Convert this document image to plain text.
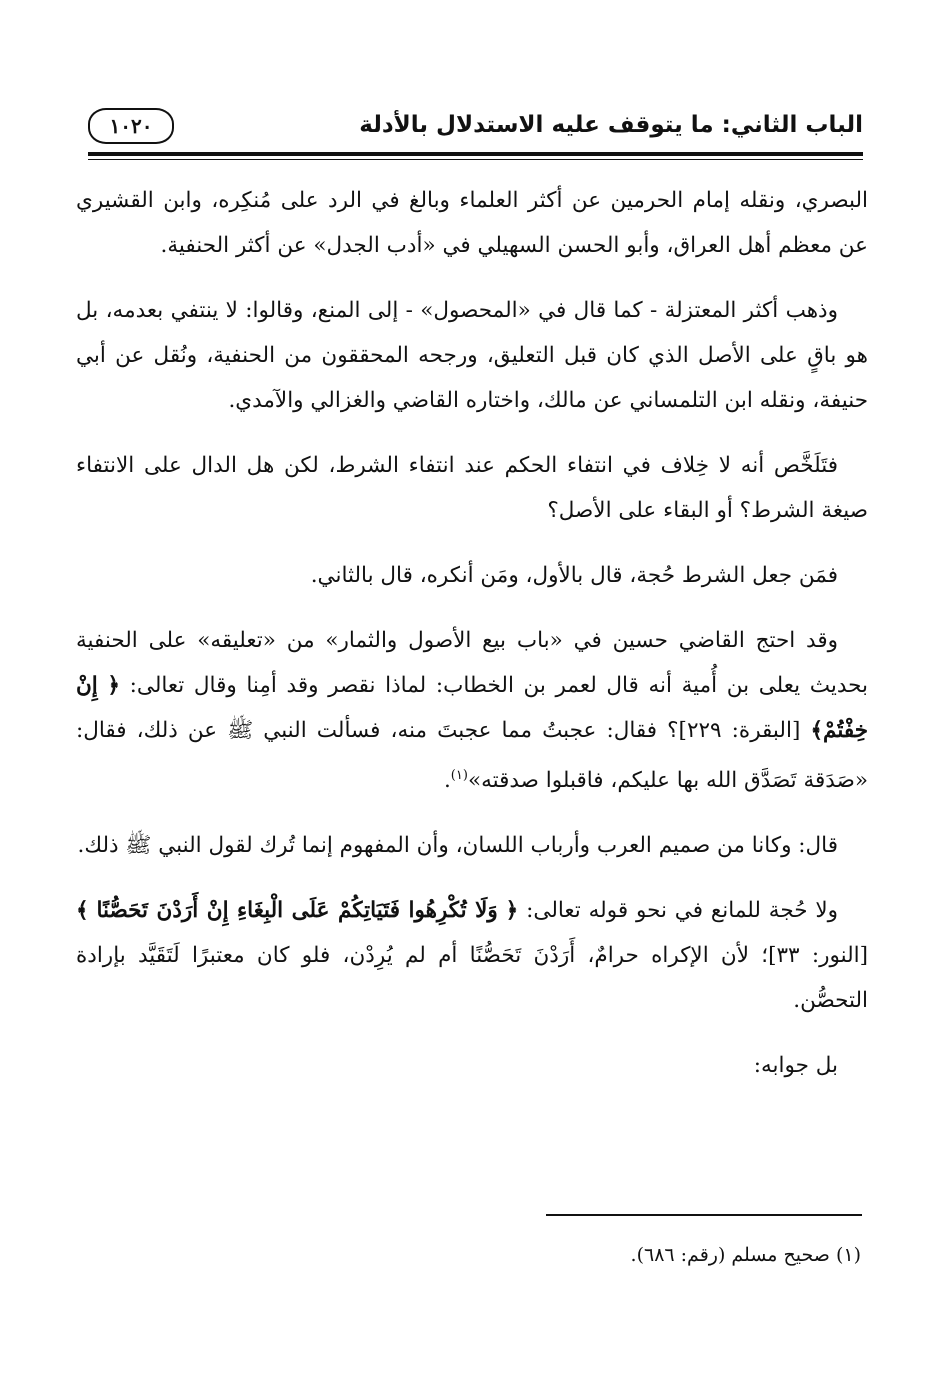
الباب الثاني: ما يتوقف عليه الاستدلال بالأدلة
١٠٢٠

البصري، ونقله إمام الحرمين عن أكثر العلماء وبالغ في الرد على مُنكِره، وابن القشيري عن معظم أهل العراق، وأبو الحسن السهيلي في «أدب الجدل» عن أكثر الحنفية.

وذهب أكثر المعتزلة - كما قال في «المحصول» - إلى المنع، وقالوا: لا ينتفي بعدمه، بل هو باقٍ على الأصل الذي كان قبل التعليق، ورجحه المحققون من الحنفية، ونُقل عن أبي حنيفة، ونقله ابن التلمساني عن مالك، واختاره القاضي والغزالي والآمدي.

فتَلَخَّص أنه لا خِلاف في انتفاء الحكم عند انتفاء الشرط، لكن هل الدال على الانتفاء صيغة الشرط؟ أو البقاء على الأصل؟

فمَن جعل الشرط حُجة، قال بالأول، ومَن أنكره، قال بالثاني.

وقد احتج القاضي حسين في «باب بيع الأصول والثمار» من «تعليقه» على الحنفية بحديث يعلى بن أُمية أنه قال لعمر بن الخطاب: لماذا نقصر وقد أمِنا وقال تعالى: ﴿ إِنْ خِفْتُمْ﴾ [البقرة: ٢٢٩]؟ فقال: عجبتُ مما عجبتَ منه، فسألت النبي ﷺ عن ذلك، فقال: «صَدَقة تَصَدَّق الله بها عليكم، فاقبلوا صدقته»$^{(١)}$.

قال: وكانا من صميم العرب وأرباب اللسان، وأن المفهوم إنما تُرك لقول النبي ﷺ ذلك.

ولا حُجة للمانع في نحو قوله تعالى: ﴿ وَلَا تُكْرِهُوا فَتَيَاتِكُمْ عَلَى الْبِغَاءِ إِنْ أَرَدْنَ تَحَصُّنًا ﴾ [النور: ٣٣]؛ لأن الإكراه حرامٌ، أَرَدْنَ تَحَصُّنًا أم لم يُرِدْن، فلو كان معتبرًا لَتَقَيَّد بإرادة التحصُّن.

بل جوابه:

(١) صحيح مسلم (رقم: ٦٨٦).
